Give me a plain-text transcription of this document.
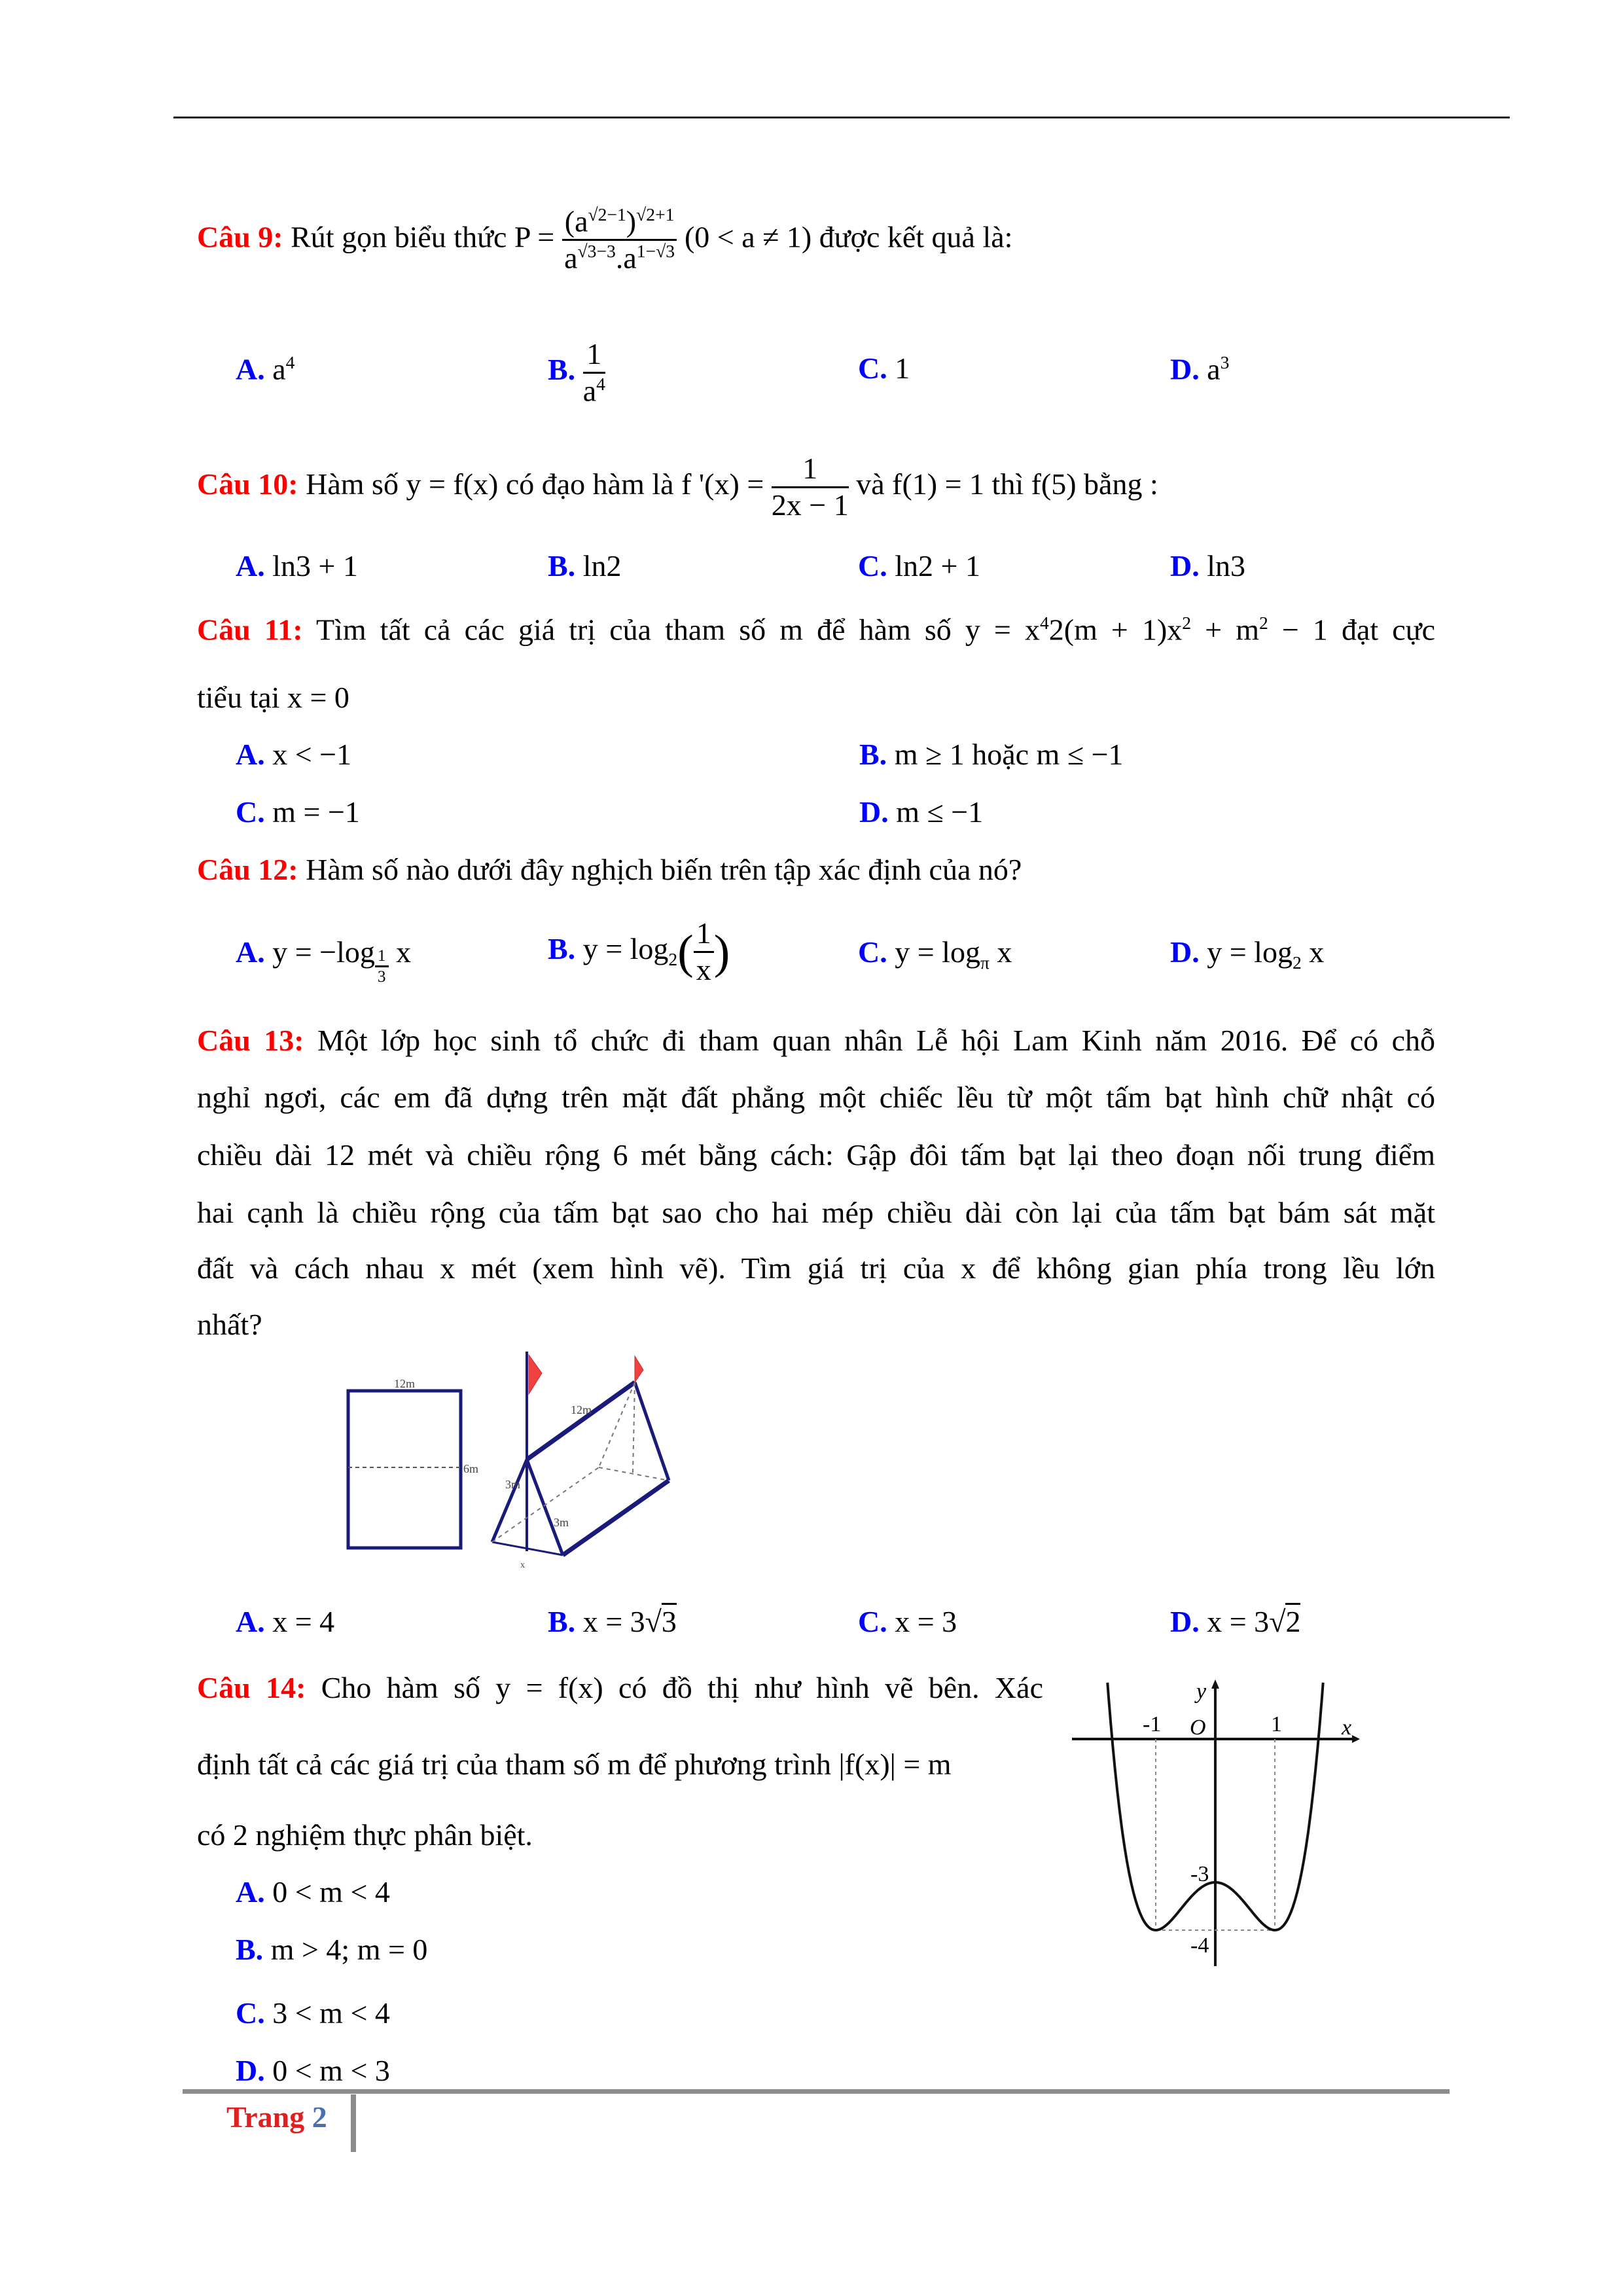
Câu 9: Rút gọn biểu thức $P = \frac{(a^{√2-1})^{√2+1}}{a^{√3-3}.a^{1-√3}} (0 < a \ne 1)$ được kết quả là:
A. $a^4$	B. $\frac{1}{a^4}$	C. 1	D. $a^3$
Câu 10: Hàm số y = f(x) có đạo hàm là f '$(x) = \frac{1}{2x - 1}$ và f(1) = 1 thì f(5) bằng :
A. ln3 + 1	B. ln2	C. ln2 + 1	D. ln3
Câu 11: Tìm tất cả các giá trị của tham số m để hàm số $y = x^42(m + 1)x^2 + m^2 - 1$ đạt cực
tiểu tại x = 0
A. x < −1	B. m ≥ 1 hoặc m ≤ −1
C. m = −1	D. m ≤ −1
Câu 12: Hàm số nào dưới đây nghịch biến trên tập xác định của nó?
A. $y = -\log \frac{1}{3}$ x	B. $y = \log_2( \frac{1}{x}$ )	C. $y = \log_\pi x$	D. $y = \log_2 x$
Câu 13: Một lớp học sinh tổ chức đi tham quan nhân Lễ hội Lam Kinh năm 2016. Để có chỗ
nghỉ ngơi, các em đã dựng trên mặt đất phẳng một chiếc lều từ một tấm bạt hình chữ nhật có
chiều dài 12 mét và chiều rộng 6 mét bằng cách: Gập đôi tấm bạt lại theo đoạn nối trung điểm
hai cạnh là chiều rộng của tấm bạt sao cho hai mép chiều dài còn lại của tấm bạt bám sát mặt
đất và cách nhau x mét (xem hình vẽ). Tìm giá trị của x để không gian phía trong lều lớn
nhất?
12m
6m
12m
3m
3m
x
A. x = 4	B. x = 3√3	C. x = 3	D. x = 3√2
Câu 14: Cho hàm số y = f(x) có đồ thị như hình vẽ bên. Xác
định tất cả các giá trị của tham số m để phương trình |f(x)| = m
có 2 nghiệm thực phân biệt.
A. 0 < m < 4
B. m > 4; m = 0
C. 3 < m < 4
D. 0 < m < 3
x
y
O
-1	1
-3
-4
Trang 2
